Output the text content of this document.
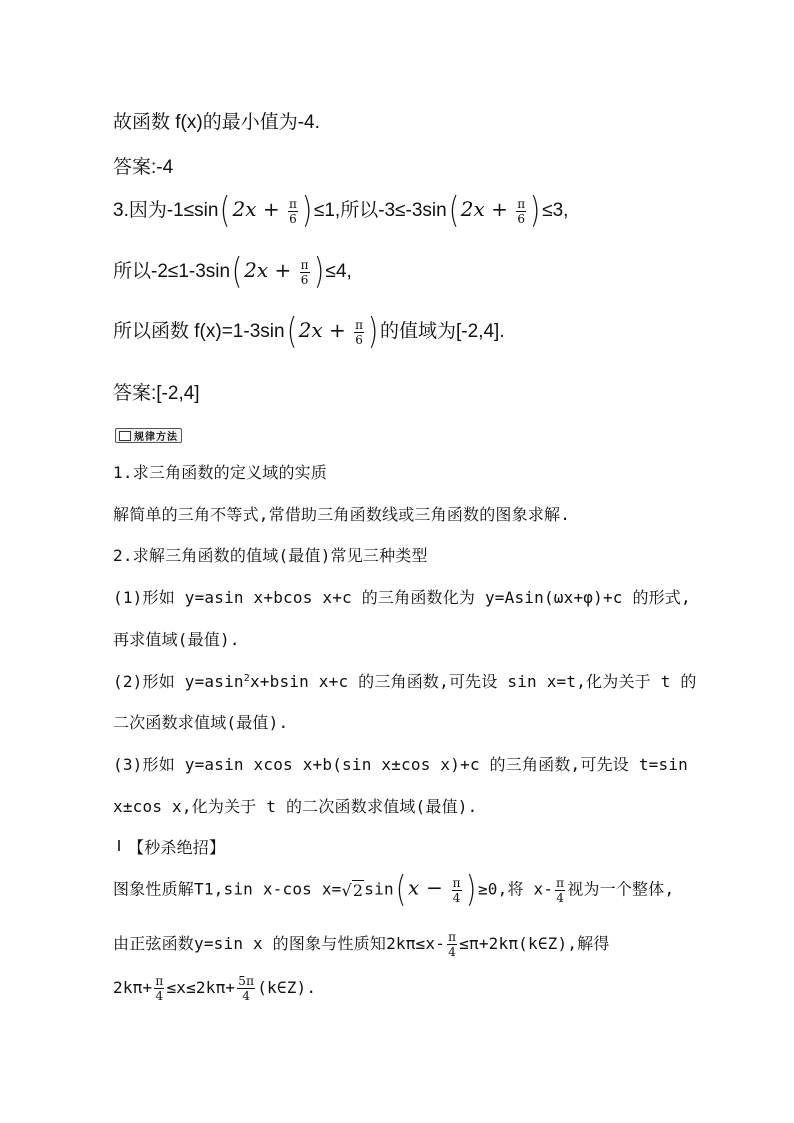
故函数 f(x)的最小值为-4.
答案:-4
3.因为$-1\le\sin(2x + \frac{\pi}{6} )\le 1$,所以$-3\le-3\sin(2x + \frac{\pi}{6} )\le 3$,
所以$-2\le 1-3\sin(2x + \frac{\pi}{6} )\le 4$,
所以函数 $f(x)=1-3\sin(2x + \frac{\pi}{6}$ )的值域为[-2,4].
答案:[-2,4]
规律方法
1.求三角函数的定义域的实质
解简单的三角不等式,常借助三角函数线或三角函数的图象求解.
2.求解三角函数的值域(最值)常见三种类型
(1)形如 y=asin x+bcos x+c 的三角函数化为 y=Asin(ωx+φ)+c 的形式,
再求值域(最值).
(2)形如 y=asin$^2$x+bsin x+c 的三角函数,可先设 sin x=t,化为关于 t 的
二次函数求值域(最值).
(3)形如 y=asin xcos x+b(sin x±cos x)+c 的三角函数,可先设 t=sin
x±cos x,化为关于 t 的二次函数求值域(最值).
【秒杀绝招】
图象性质解T1,sin x-cos $x=√2\sin(x - \frac{\pi}{4}$ ) ≥0,将 $x- \frac{\pi}{4}$ 视为一个整体,
由正弦函数y=sin x 的图象与性质知$2k\pi\le x- \frac{\pi}{4}$ ≤π+2kπ(k∈Z),解得
$2k\pi+ \frac{\pi}{4} \le x\le 2k\pi+ \frac{5\pi}{4}$ (k∈Z).
